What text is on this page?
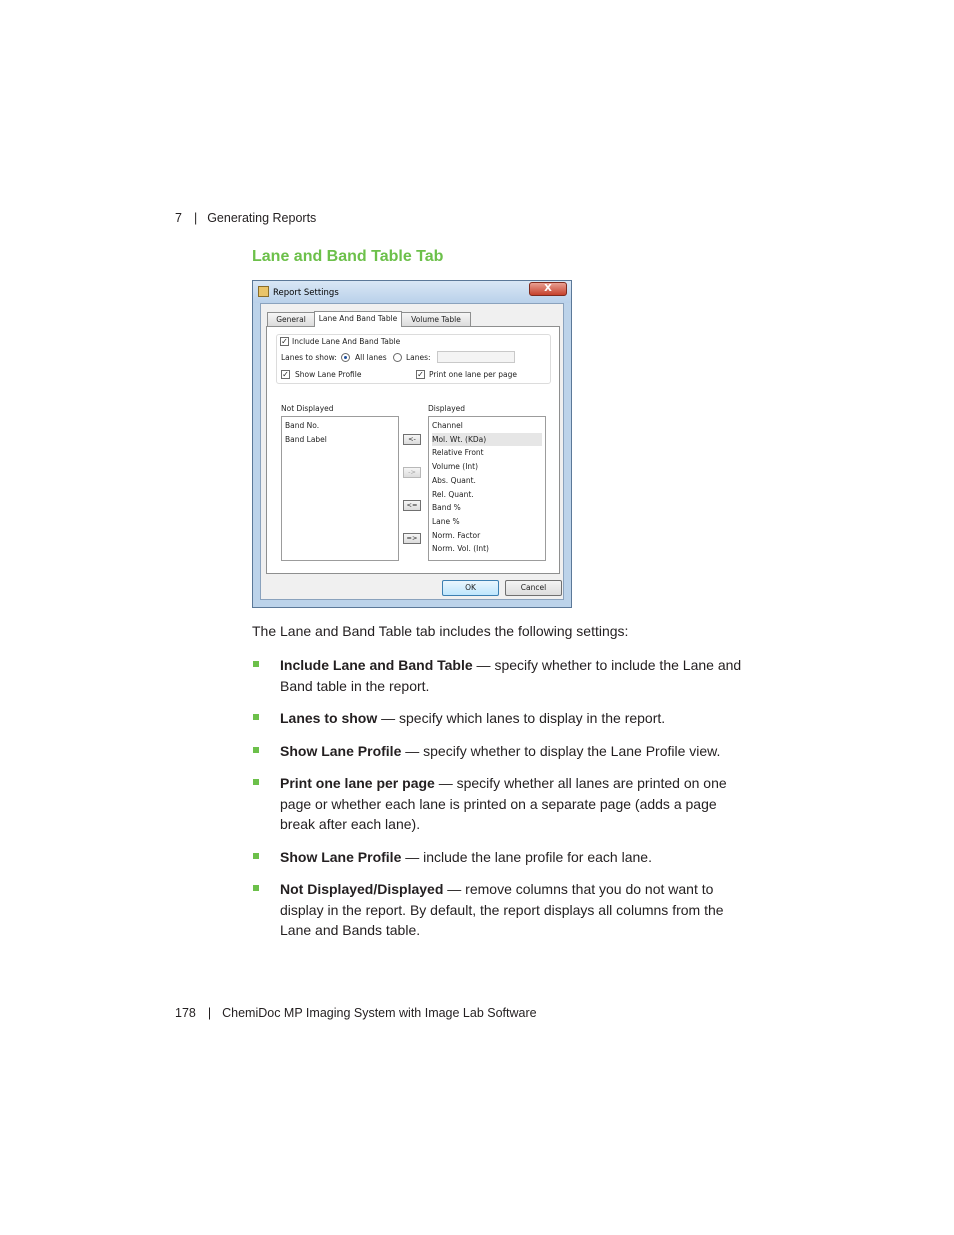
7 | Generating Reports
Lane and Band Table Tab
Report Settings	X
General	Lane And Band Table	Volume Table
✓ Include Lane And Band Table
Lanes to show: All lanes	Lanes:
✓ Show Lane Profile	✓ Print one lane per page
Not Displayed	Displayed
Band No.
Band Label	<-
->
<=
=>
Channel
Mol. Wt. (KDa)
Relative Front
Volume (Int)
Abs. Quant.
Rel. Quant.
Band %
Lane %
Norm. Factor
Norm. Vol. (Int)
OK	Cancel
The Lane and Band Table tab includes the following settings:
Include Lane and Band Table — specify whether to include the Lane and Band table in the report.
Lanes to show — specify which lanes to display in the report.
Show Lane Profile — specify whether to display the Lane Profile view.
Print one lane per page — specify whether all lanes are printed on one page or whether each lane is printed on a separate page (adds a page break after each lane).
Show Lane Profile — include the lane profile for each lane.
Not Displayed/Displayed — remove columns that you do not want to display in the report. By default, the report displays all columns from the Lane and Bands table.
178 | ChemiDoc MP Imaging System with Image Lab Software
